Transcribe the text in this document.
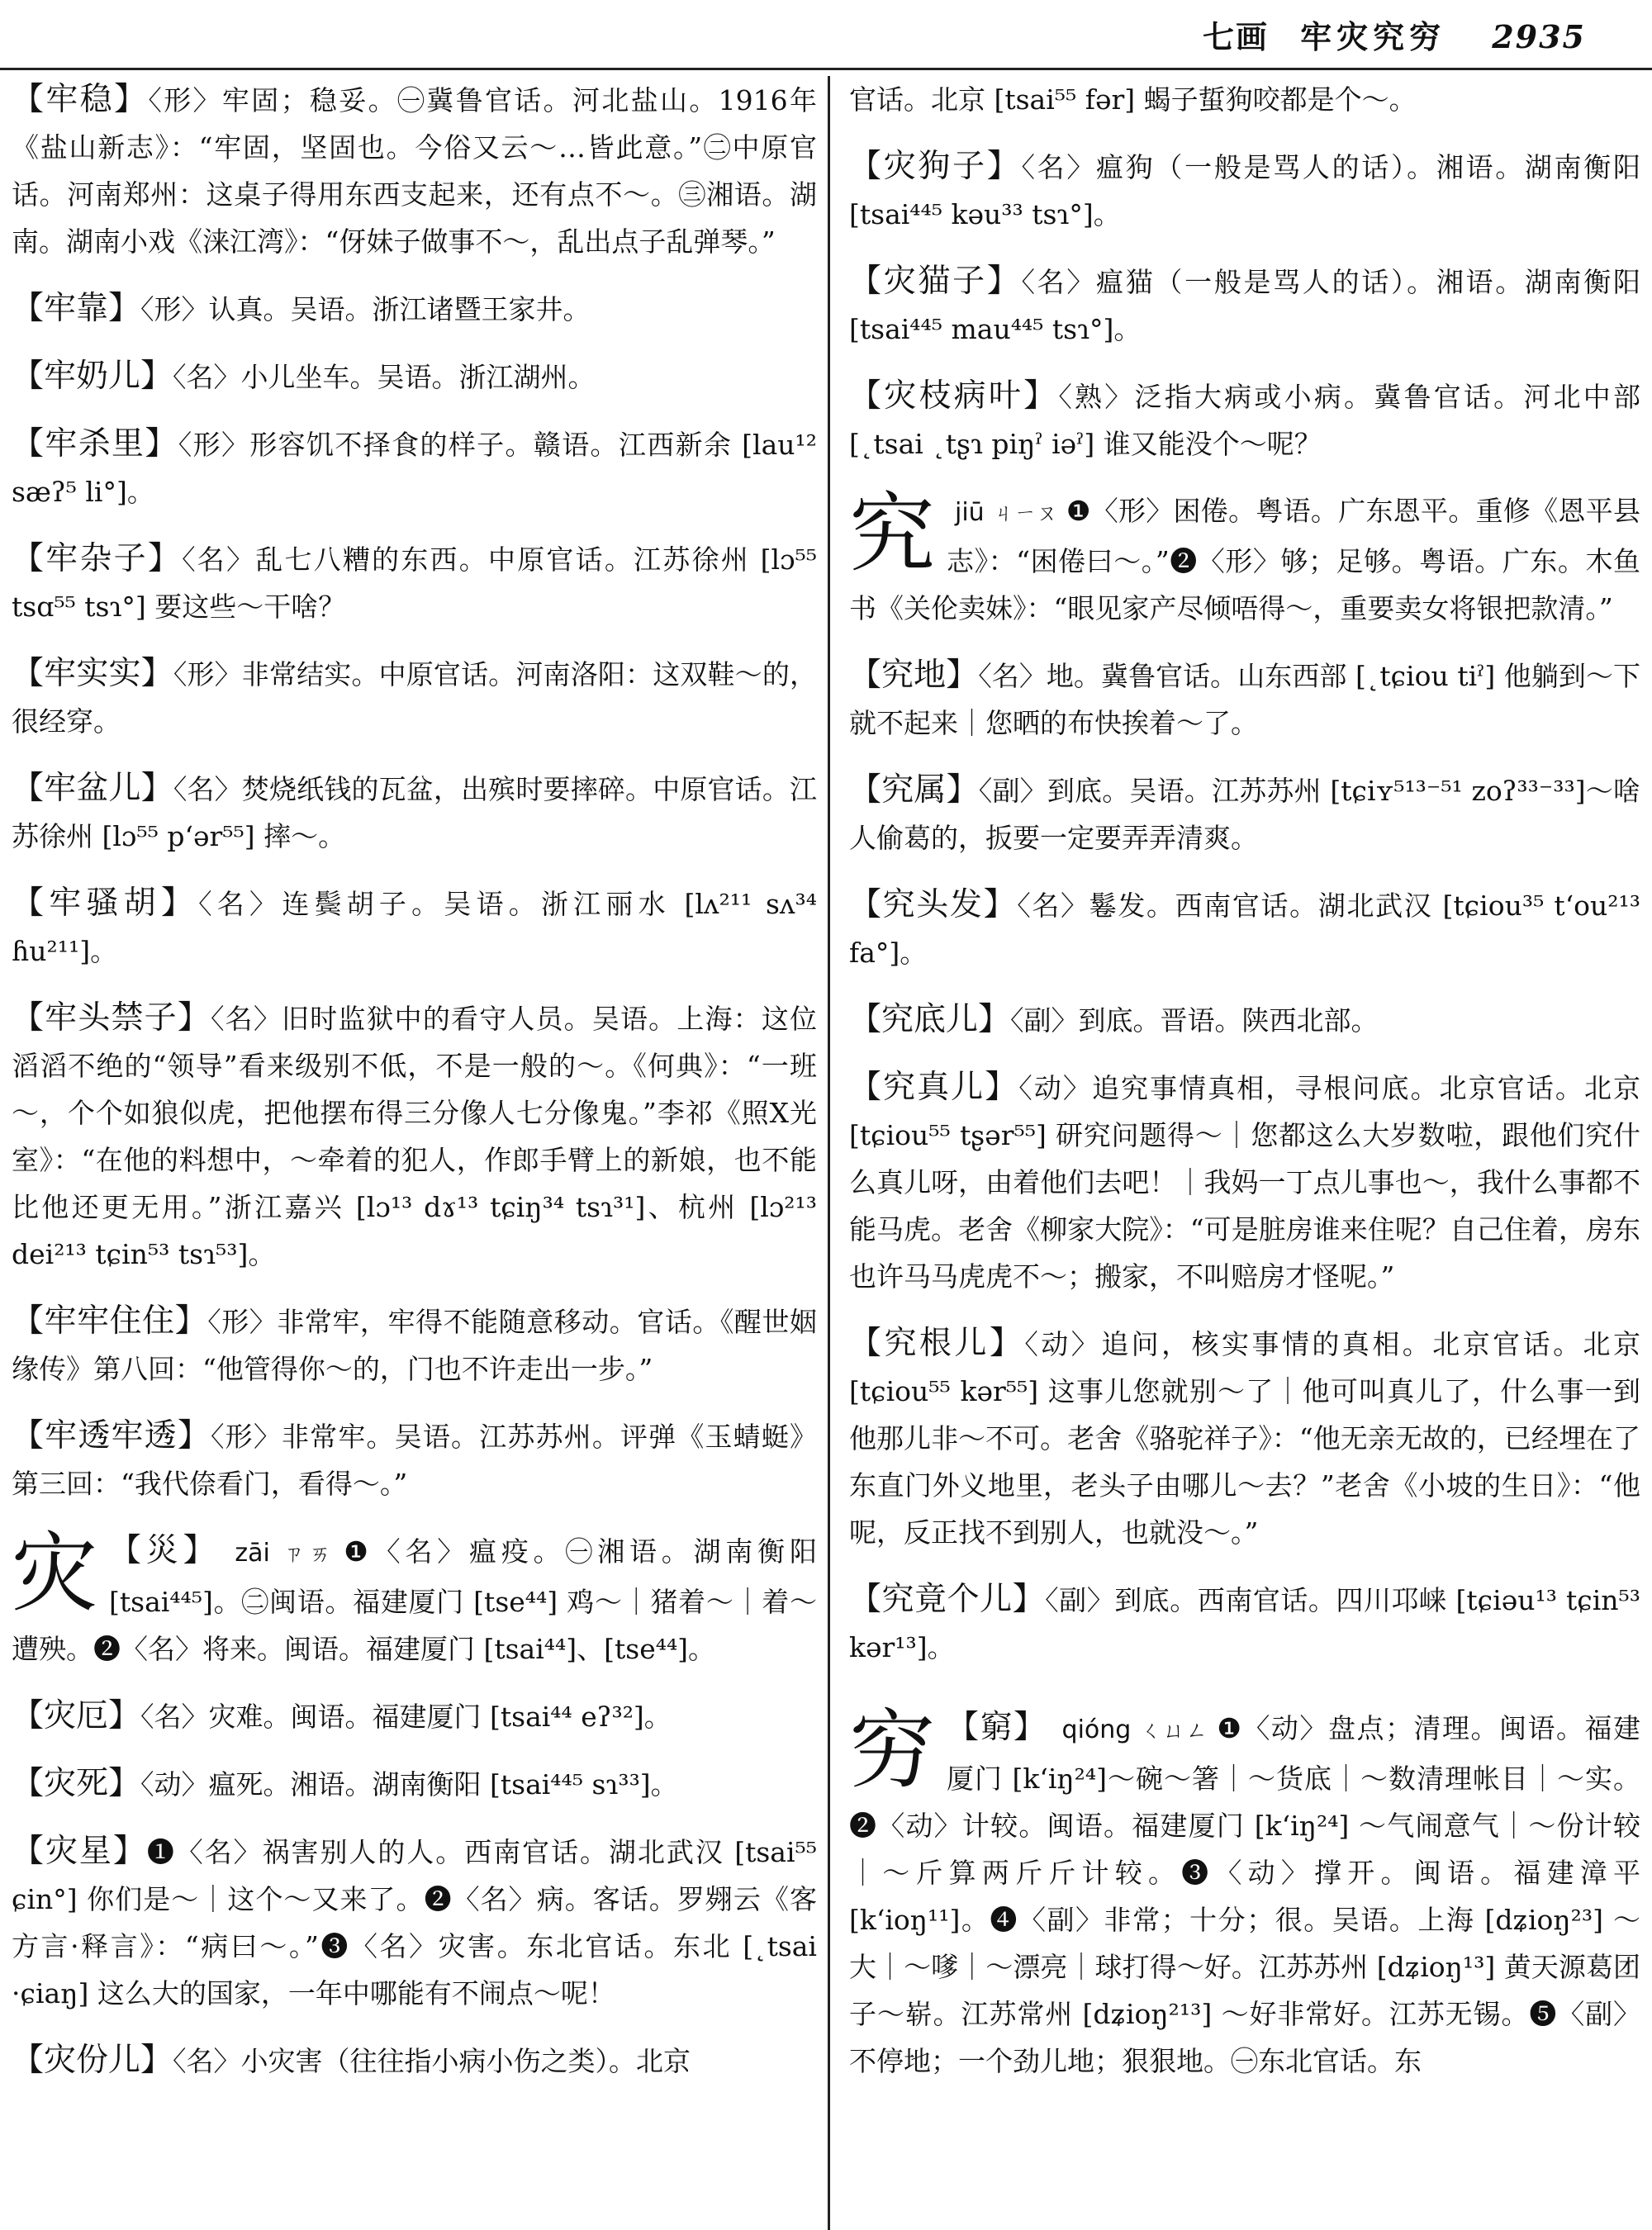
七画 牢灾究穷 2935
【牢稳】〈形〉牢固；稳妥。㊀冀鲁官话。河北盐山。1916年《盐山新志》：“牢固，坚固也。今俗又云～…皆此意。”㊁中原官话。河南郑州：这桌子得用东西支起来，还有点不～。㊂湘语。湖南。湖南小戏《涞江湾》：“伢妹子做事不～，乱出点子乱弹琴。”
【牢靠】〈形〉认真。吴语。浙江诸暨王家井。
【牢奶儿】〈名〉小儿坐车。吴语。浙江湖州。
【牢杀里】〈形〉形容饥不择食的样子。赣语。江西新余 [lau¹² sæʔ⁵ li°]。
【牢杂子】〈名〉乱七八糟的东西。中原官话。江苏徐州 [lɔ⁵⁵ tsɑ⁵⁵ tsɿ°] 要这些～干啥？
【牢实实】〈形〉非常结实。中原官话。河南洛阳：这双鞋～的，很经穿。
【牢盆儿】〈名〉焚烧纸钱的瓦盆，出殡时要摔碎。中原官话。江苏徐州 [lɔ⁵⁵ p‘ər⁵⁵] 摔～。
【牢骚胡】〈名〉连鬓胡子。吴语。浙江丽水 [lʌ²¹¹ sʌ³⁴ ɦu²¹¹]。
【牢头禁子】〈名〉旧时监狱中的看守人员。吴语。上海：这位滔滔不绝的“领导”看来级别不低，不是一般的～。《何典》：“一班～，个个如狼似虎，把他摆布得三分像人七分像鬼。”李祁《照X光室》：“在他的料想中，～牵着的犯人，作郎手臂上的新娘，也不能比他还更无用。”浙江嘉兴 [lɔ¹³ dɤ¹³ tɕiŋ³⁴ tsɿ³¹]、杭州 [lɔ²¹³ dei²¹³ tɕin⁵³ tsɿ⁵³]。
【牢牢住住】〈形〉非常牢，牢得不能随意移动。官话。《醒世姻缘传》第八回：“他管得你～的，门也不许走出一步。”
【牢透牢透】〈形〉非常牢。吴语。江苏苏州。评弹《玉蜻蜓》第三回：“我代倷看门，看得～。”
灾 【災】 zāi ㄗㄞ ❶〈名〉瘟疫。㊀湘语。湖南衡阳 [tsai⁴⁴⁵]。㊁闽语。福建厦门 [tse⁴⁴] 鸡～｜猪着～｜着～遭殃。❷〈名〉将来。闽语。福建厦门 [tsai⁴⁴]、[tse⁴⁴]。
【灾厄】〈名〉灾难。闽语。福建厦门 [tsai⁴⁴ eʔ³²]。
【灾死】〈动〉瘟死。湘语。湖南衡阳 [tsai⁴⁴⁵ sɿ³³]。
【灾星】❶〈名〉祸害别人的人。西南官话。湖北武汉 [tsai⁵⁵ ɕin°] 你们是～｜这个～又来了。❷〈名〉病。客话。罗翙云《客方言·释言》：“病曰～。”❸〈名〉灾害。东北官话。东北 [˛tsai ·ɕiaŋ] 这么大的国家，一年中哪能有不闹点～呢！
【灾份儿】〈名〉小灾害（往往指小病小伤之类）。北京
官话。北京 [tsai⁵⁵ fər] 蝎子蜇狗咬都是个～。
【灾狗子】〈名〉瘟狗（一般是骂人的话）。湘语。湖南衡阳 [tsai⁴⁴⁵ kəu³³ tsɿ°]。
【灾猫子】〈名〉瘟猫（一般是骂人的话）。湘语。湖南衡阳 [tsai⁴⁴⁵ mau⁴⁴⁵ tsɿ°]。
【灾枝病叶】〈熟〉泛指大病或小病。冀鲁官话。河北中部 [˛tsai ˛tʂɿ piŋˀ iəˀ] 谁又能没个～呢？
究jiū ㄐㄧㄡ ❶〈形〉困倦。粤语。广东恩平。重修《恩平县志》：“困倦曰～。”❷〈形〉够；足够。粤语。广东。木鱼书《关伦卖妹》：“眼见家产尽倾唔得～，重要卖女将银把款清。”
【究地】〈名〉地。冀鲁官话。山东西部 [˛tɕiou tiˀ] 他躺到～下就不起来｜您晒的布快挨着～了。
【究属】〈副〉到底。吴语。江苏苏州 [tɕiʏ⁵¹³⁻⁵¹ zoʔ³³⁻³³]～啥人偷葛的，扳要一定要弄弄清爽。
【究头发】〈名〉鬈发。西南官话。湖北武汉 [tɕiou³⁵ t‘ou²¹³ fa°]。
【究底儿】〈副〉到底。晋语。陕西北部。
【究真儿】〈动〉追究事情真相，寻根问底。北京官话。北京 [tɕiou⁵⁵ tʂər⁵⁵] 研究问题得～｜您都这么大岁数啦，跟他们究什么真儿呀，由着他们去吧！｜我妈一丁点儿事也～，我什么事都不能马虎。老舍《柳家大院》：“可是脏房谁来住呢？自己住着，房东也许马马虎虎不～；搬家，不叫赔房才怪呢。”
【究根儿】〈动〉追问，核实事情的真相。北京官话。北京 [tɕiou⁵⁵ kər⁵⁵] 这事儿您就别～了｜他可叫真儿了，什么事一到他那儿非～不可。老舍《骆驼祥子》：“他无亲无故的，已经埋在了东直门外义地里，老头子由哪儿～去？”老舍《小坡的生日》：“他呢，反正找不到别人，也就没～。”
【究竟个儿】〈副〉到底。西南官话。四川邛崃 [tɕiəu¹³ tɕin⁵³ kər¹³]。
穷 【窮】 qióng ㄑㄩㄥ ❶〈动〉盘点；清理。闽语。福建厦门 [k‘iŋ²⁴]～碗～箸｜～货底｜～数清理帐目｜～实。❷〈动〉计较。闽语。福建厦门 [k‘iŋ²⁴] ～气闹意气｜～份计较｜～斤算两斤斤计较。❸〈动〉撑开。闽语。福建漳平 [k‘ioŋ¹¹]。❹〈副〉非常；十分；很。吴语。上海 [dʑioŋ²³] ～大｜～嗲｜～漂亮｜球打得～好。江苏苏州 [dʑioŋ¹³] 黄天源葛团子～崭。江苏常州 [dʑioŋ²¹³] ～好非常好。江苏无锡。❺〈副〉不停地；一个劲儿地；狠狠地。㊀东北官话。东
